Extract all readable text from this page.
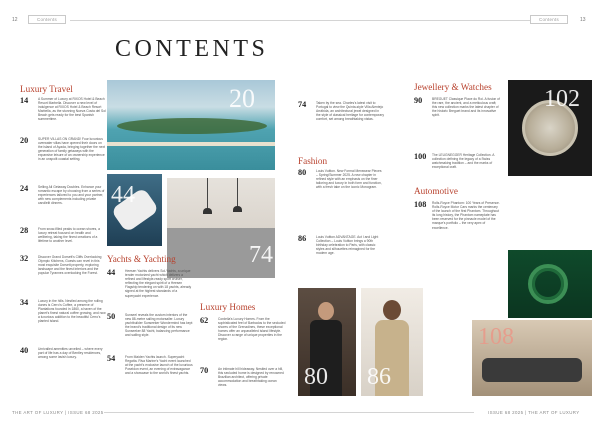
12	Contents	Contents	13
CONTENTS
Luxury Travel
14	A Summer of Luxury at RIXOS Hotel & Beach Resort Marbella. Discover a new level of indulgence at RIXOS Hotel & Beach Resort Marbella, as the stunning Nueva Costa del Sol Beach gets ready for the best Spanish summertime.
20	SUPER VILLAS ON GRAND! Four luxurious overwater villas have opened their doors on the island of Ayada, bringing together the next generation of family getaways with the expansive leisure of an ownership experience in an unspoilt coastal setting.
24	Selling All Getaway Doubles. Enhance your romantic escape by choosing from a series of experiences tailored to you and your partner, with new complements including private candlelit dinners.
28	From snow-filled peaks to ocean shores, a luxury retreat focused on health and wellbeing, taking the finest creations of a lifetime to another level.
32	Discover Grand Dorsett's Cliffs Overlooking Olympic Kitchens, Guests can revel in this most exquisite Dorsett property, exploring landscape and the finest interiors and the popular Tyrannes overlooking the Forest.
34	Luxury in the hills. Nestled among the rolling dunes is Cerro's Coffee, a preserve of Plantations founded in 1860, a haven of the planet's finest natural coffee growing, and now a luxurious addition to the beautiful Cerro's planted island.
40	Unrivalled amenities unveiled – where every part of life has a day of Bentley residences, among some lavish luxury.
20
44
74
Yachts & Yachting
44	Heesen Yachts delivers Sol-Yachts, a unique tender motorized yacht which delivers a refined and lifestyle-ready sport cruiser, reflecting the elegant spirit of a Heesen Flagship tendering on with 18 yachts, already signed at the highest standards of a superyacht experience.
50	Sunseel reveals the custom interiors of the new 88-metre sailing motorsailer. Luxury yachtbuilder Sunseeker Wondermind has kept the brand's traditional design of its new Sunseeker 88 Yacht, balancing performance and sailing style.
54	From Maiden Yachts launch. Superyacht Regatta. Riva Marine's Yacht event launched at the yacht's exclusive launch of the luxurious Poseidon event, an evening of extravagance and a showcase to the world's finest yachts.
Luxury Homes
62	Cordelia's Luxury Homes. From the sophisticated feel of Barbados to the secluded shores of the Grenadines, these exceptional homes offer an unparalleled island lifestyle. Discover a range of unique properties in the region.
70	An intimate hill hideaway. Nestled over a hill, this secluded home is designed by renowned Brazilian architect, offering private accommodation and breathtaking ocean views.
74	Taken by the sea. Charles's latest visit to Portugal to view the Quinta-style Villa Alentejo Arrábida, an architectural jewel designed in the style of classical heritage for contemporary comfort, set among breathtaking vistas.
Fashion
80	Louis Vuitton. New Formal Menswear Pieces – Spring/Summer 2025. A new chapter in refined style with an emphasis on the finer tailoring and luxury in both form and function, with a fresh take on the iconic Monogram.
86	Louis Vuitton ADVANTAGE. Act I and Light Collection – Louis Vuitton brings a 90th birthday celebration to Paris, with classic styles and silhouettes reimagined for the modern age.
80 86
Jewellery & Watches
90	BREGUET Classique Place du Roi. A fusion of the rare, the ancient, and a meticulous craft; this new collection marks the latest chapter of the historic Breguet brand and its innovative spirit.
100 The LEUGNEGGER Heritage Collection. A collection defining the legacy of a Swiss watchmaking tradition – and the marks of exceptional craft.
Automotive
108 Rolls-Royce Phantom: 100 Years of Presence. Rolls-Royce Motor Cars marks the centenary of the launch of the first Phantom. Throughout its long history, the Phantom nameplate has been reserved for the pinnacle model of the marque's portfolio – the very apex of excellence.
102
108
THE ART OF LUXURY | ISSUE 68 2025	ISSUE 68 2025 | THE ART OF LUXURY
